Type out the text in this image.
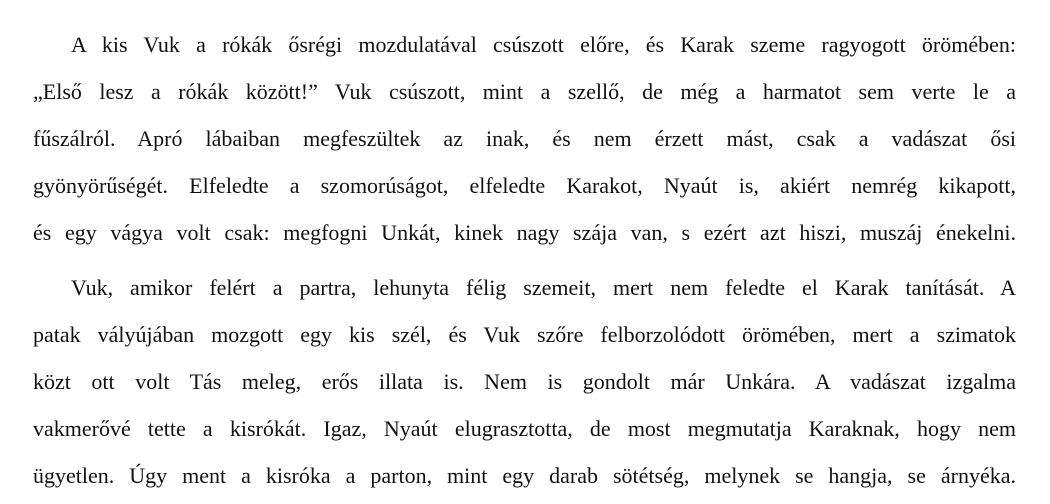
A kis Vuk a rókák ősrégi mozdulatával csúszott előre, és Karak szeme ragyogott örömében:
„Első lesz a rókák között!” Vuk csúszott, mint a szellő, de még a harmatot sem verte le a
fűszálról. Apró lábaiban megfeszültek az inak, és nem érzett mást, csak a vadászat ősi
gyönyörűségét. Elfeledte a szomorúságot, elfeledte Karakot, Nyaút is, akiért nemrég kikapott,
és egy vágya volt csak: megfogni Unkát, kinek nagy szája van, s ezért azt hiszi, muszáj énekelni.
Vuk, amikor felért a partra, lehunyta félig szemeit, mert nem feledte el Karak tanítását. A
patak vályújában mozgott egy kis szél, és Vuk szőre felborzolódott örömében, mert a szimatok
közt ott volt Tás meleg, erős illata is. Nem is gondolt már Unkára. A vadászat izgalma
vakmerővé tette a kisrókát. Igaz, Nyaút elugrasztotta, de most megmutatja Karaknak, hogy nem
ügyetlen. Úgy ment a kisróka a parton, mint egy darab sötétség, melynek se hangja, se árnyéka.
